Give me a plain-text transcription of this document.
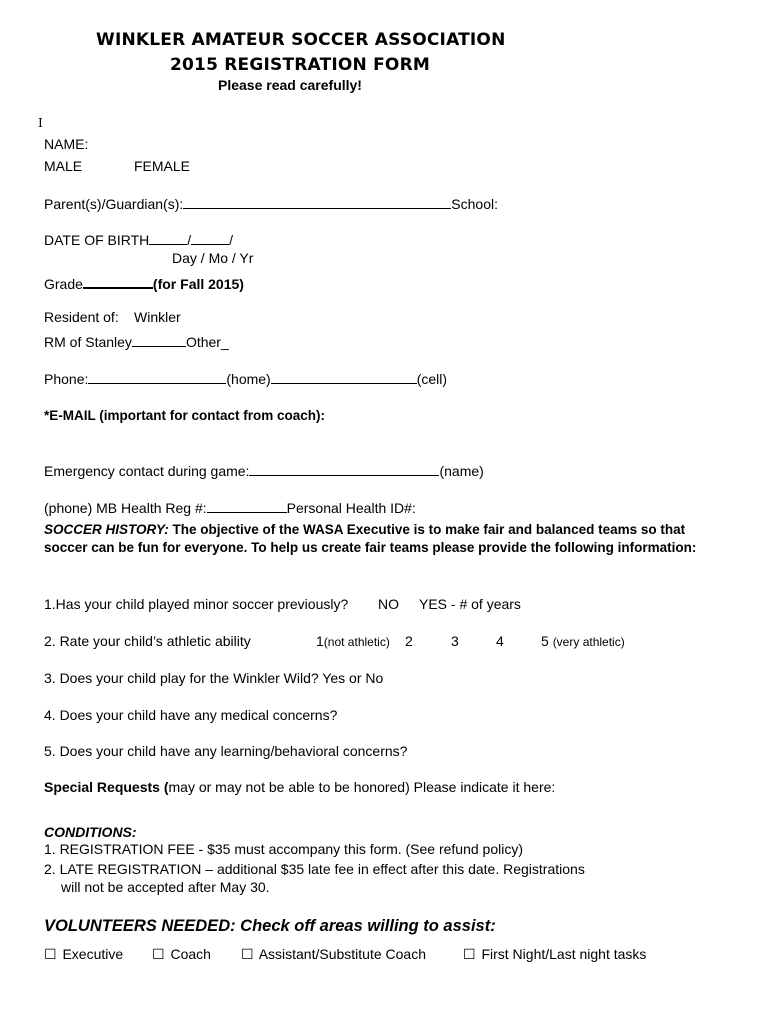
WINKLER AMATEUR SOCCER ASSOCIATION
2015 REGISTRATION FORM
Please read carefully!
I
NAME:
MALE	FEMALE
Parent(s)/Guardian(s):	School:
DATE OF BIRTH	/	/
Day / Mo / Yr
Grade	(for Fall 2015)
Resident of: Winkler
RM of Stanley	Other_
Phone:	(home)	(cell)
*E-MAIL (important for contact from coach):
Emergency contact during game:	(name)
(phone) MB Health Reg #:	Personal Health ID#:
SOCCER HISTORY: The objective of the WASA Executive is to make fair and balanced teams so that soccer can be fun for everyone. To help us create fair teams please provide the following information:
1.Has your child played minor soccer previously? NO YES - # of years
2. Rate your child’s athletic ability	1(not athletic) 2	3	4	5 (very athletic)
3. Does your child play for the Winkler Wild? Yes or No
4. Does your child have any medical concerns?
5. Does your child have any learning/behavioral concerns?
Special Requests (may or may not be able to be honored) Please indicate it here:
CONDITIONS:
1. REGISTRATION FEE - $35 must accompany this form. (See refund policy)
2. LATE REGISTRATION – additional $35 late fee in effect after this date. Registrations
will not be accepted after May 30.
VOLUNTEERS NEEDED: Check off areas willing to assist:
☐ Executive ☐ Coach ☐ Assistant/Substitute Coach	☐ First Night/Last night tasks
